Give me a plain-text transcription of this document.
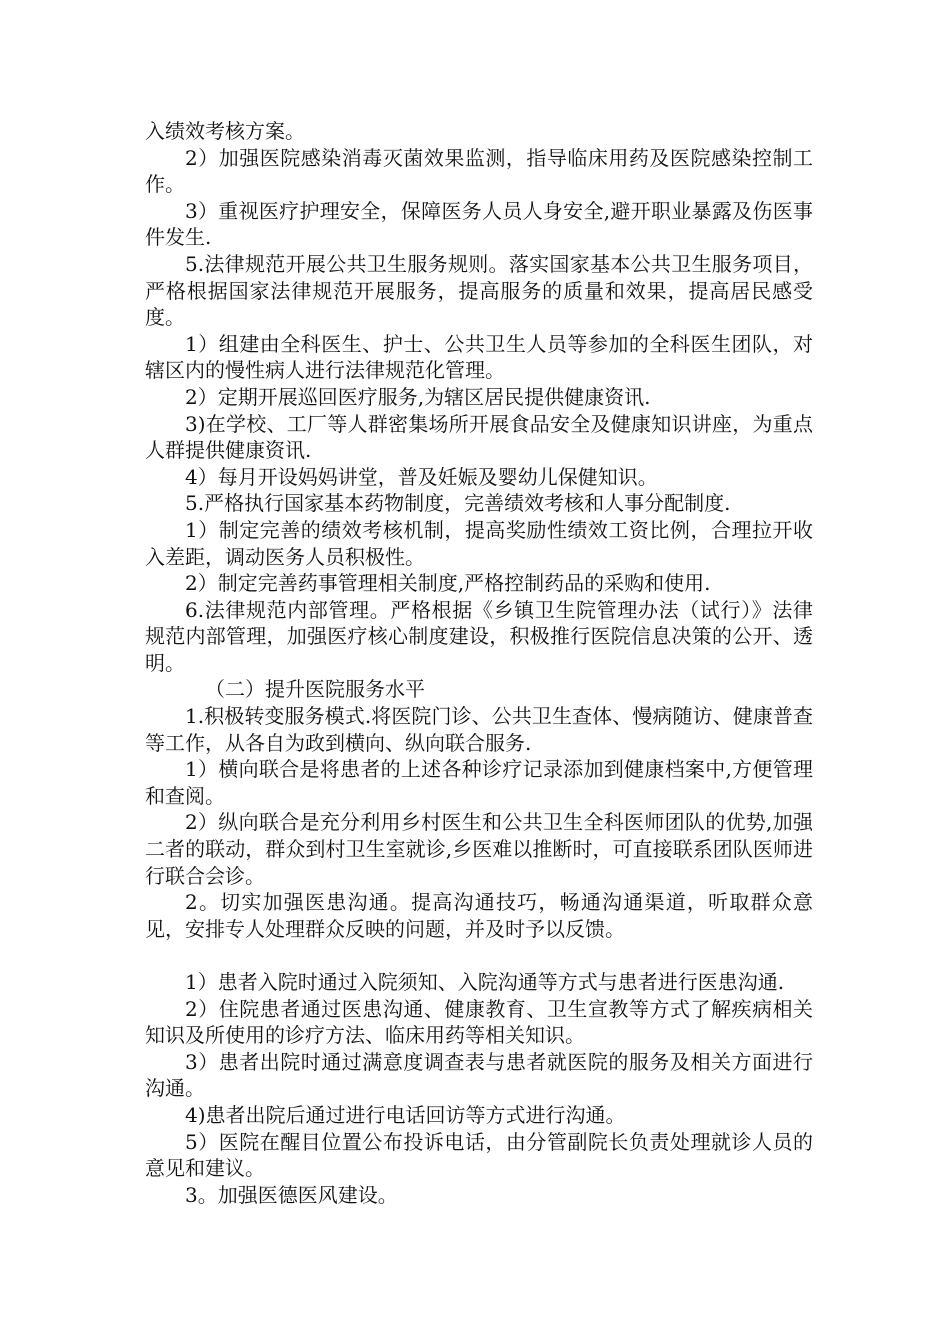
入绩效考核方案。

2）加强医院感染消毒灭菌效果监测，指导临床用药及医院感染控制工作。

3）重视医疗护理安全，保障医务人员人身安全,避开职业暴露及伤医事件发生.

5.法律规范开展公共卫生服务规则。落实国家基本公共卫生服务项目，严格根据国家法律规范开展服务，提高服务的质量和效果，提高居民感受度。

1）组建由全科医生、护士、公共卫生人员等参加的全科医生团队，对辖区内的慢性病人进行法律规范化管理。

2）定期开展巡回医疗服务,为辖区居民提供健康资讯.

3)在学校、工厂等人群密集场所开展食品安全及健康知识讲座，为重点人群提供健康资讯.

4）每月开设妈妈讲堂，普及妊娠及婴幼儿保健知识。

5.严格执行国家基本药物制度，完善绩效考核和人事分配制度.

1）制定完善的绩效考核机制，提高奖励性绩效工资比例，合理拉开收入差距，调动医务人员积极性。

2）制定完善药事管理相关制度,严格控制药品的采购和使用.

6.法律规范内部管理。严格根据《乡镇卫生院管理办法（试行）》法律规范内部管理，加强医疗核心制度建设，积极推行医院信息决策的公开、透明。

（二）提升医院服务水平

1.积极转变服务模式.将医院门诊、公共卫生查体、慢病随访、健康普查等工作，从各自为政到横向、纵向联合服务.

1）横向联合是将患者的上述各种诊疗记录添加到健康档案中,方便管理和查阅。

2）纵向联合是充分利用乡村医生和公共卫生全科医师团队的优势,加强二者的联动，群众到村卫生室就诊,乡医难以推断时，可直接联系团队医师进行联合会诊。

2。切实加强医患沟通。提高沟通技巧，畅通沟通渠道，听取群众意见，安排专人处理群众反映的问题，并及时予以反馈。

1）患者入院时通过入院须知、入院沟通等方式与患者进行医患沟通.

2）住院患者通过医患沟通、健康教育、卫生宣教等方式了解疾病相关知识及所使用的诊疗方法、临床用药等相关知识。

3）患者出院时通过满意度调查表与患者就医院的服务及相关方面进行沟通。

4)患者出院后通过进行电话回访等方式进行沟通。

5）医院在醒目位置公布投诉电话，由分管副院长负责处理就诊人员的意见和建议。

3。加强医德医风建设。
